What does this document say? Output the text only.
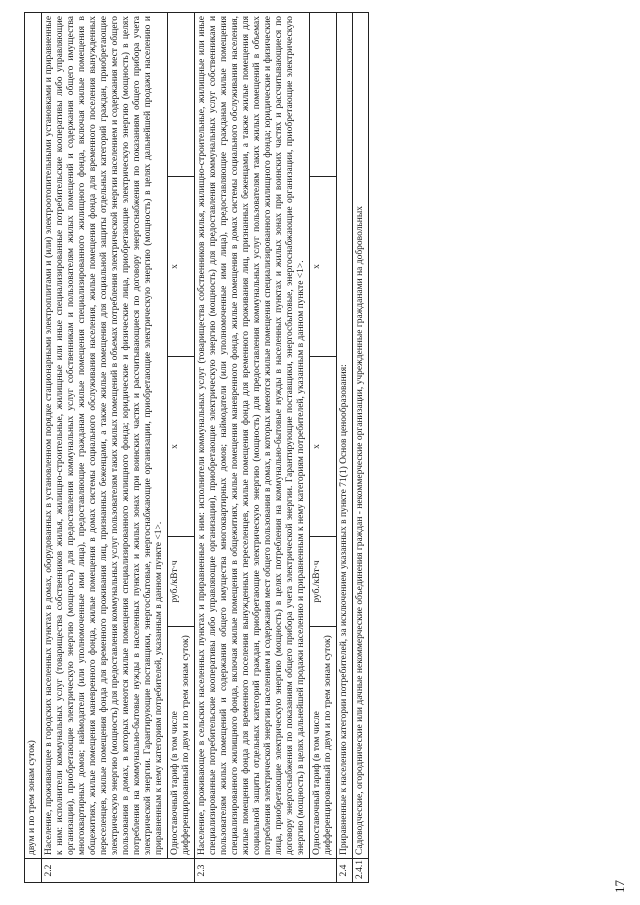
17
	двум и по трем зонам суток)				
2.2	Население, проживающее в городских населенных пунктах в домах, оборудованных в установленном порядке стационарными электроплитами и (или) электроотопительными установками и приравненные к ним: исполнители коммунальных услуг (товарищества собственников жилья, жилищно-строительные, жилищные или иные специализированные потребительские кооперативы либо управляющие организации), приобретающие электрическую энергию (мощность) для предоставления коммунальных услуг собственникам и пользователям жилых помещений и содержания общего имущества многоквартирных домов; наймодатели (или уполномоченные ими лица), предоставляющие гражданам жилые помещения специализированного жилищного фонда, включая жилые помещения в общежитиях, жилые помещения маневренного фонда, жилые помещения в домах системы социального обслуживания населения, жилые помещения фонда для временного поселения вынужденных переселенцев, жилые помещения фонда для временного проживания лиц, признанных беженцами, а также жилые помещения для социальной защиты отдельных категорий граждан, приобретающие электрическую энергию (мощность) для предоставления коммунальных услуг пользователям таких жилых помещений в объемах потребления электрической энергии населением и содержания мест общего пользования в домах, в которых имеются жилые помещения специализированного жилищного фонда; юридические и физические лица, приобретающие электрическую энергию (мощность) в целях потребления на коммунально-бытовые нужды в населенных пунктах и жилых зонах при воинских частях и рассчитывающиеся по договору энергоснабжения по показаниям общего прибора учета электрической энергии. Гарантирующие поставщики, энергосбытовые, энергоснабжающие организации, приобретающие электрическую энергию (мощность) в целях дальнейшей продажи населению и приравненным к нему категориям потребителей, указанным в данном пункте <1>.				
	Одноставочный тариф (в том числе дифференцированный по двум и по трем зонам суток)	руб./кВт·ч	x	x	
2.3	Население, проживающее в сельских населенных пунктах и приравненные к ним: исполнители коммунальных услуг (товарищества собственников жилья, жилищно-строительные, жилищные или иные специализированные потребительские кооперативы либо управляющие организации), приобретающие электрическую энергию (мощность) для предоставления коммунальных услуг собственникам и пользователям жилых помещений и содержания общего имущества многоквартирных домов; наймодатели (или уполномоченные ими лица), предоставляющие гражданам жилые помещения специализированного жилищного фонда, включая жилые помещения в общежитиях, жилые помещения маневренного фонда, жилые помещения в домах системы социального обслуживания населения, жилые помещения фонда для временного поселения вынужденных переселенцев, жилые помещения фонда для временного проживания лиц, признанных беженцами, а также жилые помещения для социальной защиты отдельных категорий граждан, приобретающие электрическую энергию (мощность) для предоставления коммунальных услуг пользователям таких жилых помещений в объемах потребления электрической энергии населением и содержания мест общего пользования в домах, в которых имеются жилые помещения специализированного жилищного фонда; юридические и физические лица, приобретающие электрическую энергию (мощность) в целях потребления на коммунально-бытовые нужды в населенных пунктах и жилых зонах при воинских частях и рассчитывающиеся по договору энергоснабжения по показаниям общего прибора учета электрической энергии. Гарантирующие поставщики, энергосбытовые, энергоснабжающие организации, приобретающие электрическую энергию (мощность) в целях дальнейшей продажи населению и приравненным к нему категориям потребителей, указанным в данном пункте <1>.				
	Одноставочный тариф (в том числе дифференцированный по двум и по трем зонам суток)	руб./кВт·ч	x	x	
2.4	Приравненные к населению категории потребителей, за исключением указанных в пункте 71(1) Основ ценообразования:				
2.4.1	Садоводческие, огороднические или дачные некоммерческие объединения граждан - некоммерческие организации, учрежденные гражданами на добровольных				
